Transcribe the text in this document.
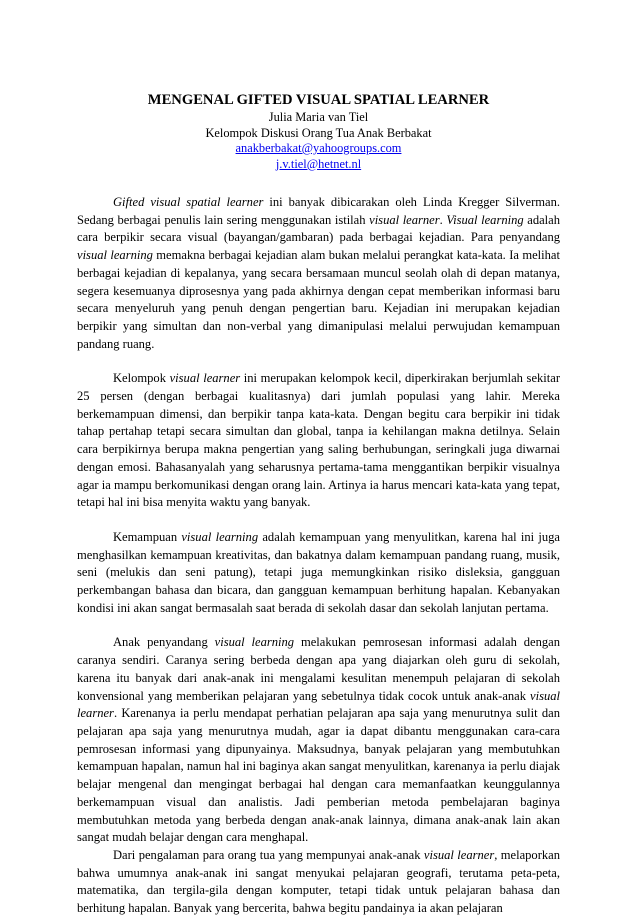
MENGENAL GIFTED VISUAL SPATIAL LEARNER
Julia Maria van Tiel
Kelompok Diskusi Orang Tua Anak Berbakat
anakberbakat@yahoogroups.com
j.v.tiel@hetnet.nl

Gifted visual spatial learner ini banyak dibicarakan oleh Linda Kregger Silverman. Sedang berbagai penulis lain sering menggunakan istilah visual learner. Visual learning adalah cara berpikir secara visual (bayangan/gambaran) pada berbagai kejadian. Para penyandang visual learning memakna berbagai kejadian alam bukan melalui perangkat kata-kata. Ia melihat berbagai kejadian di kepalanya, yang secara bersamaan muncul seolah olah di depan matanya, segera kesemuanya diprosesnya yang pada akhirnya dengan cepat memberikan informasi baru secara menyeluruh yang penuh dengan pengertian baru. Kejadian ini merupakan kejadian berpikir yang simultan dan non-verbal yang dimanipulasi melalui perwujudan kemampuan pandang ruang.

Kelompok visual learner ini merupakan kelompok kecil, diperkirakan berjumlah sekitar 25 persen (dengan berbagai kualitasnya) dari jumlah populasi yang lahir. Mereka berkemampuan dimensi, dan berpikir tanpa kata-kata. Dengan begitu cara berpikir ini tidak tahap pertahap tetapi secara simultan dan global, tanpa ia kehilangan makna detilnya. Selain cara berpikirnya berupa makna pengertian yang saling berhubungan, seringkali juga diwarnai dengan emosi. Bahasanyalah yang seharusnya pertama-tama menggantikan berpikir visualnya agar ia mampu berkomunikasi dengan orang lain. Artinya ia harus mencari kata-kata yang tepat, tetapi hal ini bisa menyita waktu yang banyak.

Kemampuan visual learning adalah kemampuan yang menyulitkan, karena hal ini juga menghasilkan kemampuan kreativitas, dan bakatnya dalam kemampuan pandang ruang, musik, seni (melukis dan seni patung), tetapi juga memungkinkan risiko disleksia, gangguan perkembangan bahasa dan bicara, dan gangguan kemampuan berhitung hapalan. Kebanyakan kondisi ini akan sangat bermasalah saat berada di sekolah dasar dan sekolah lanjutan pertama.

Anak penyandang visual learning melakukan pemrosesan informasi adalah dengan caranya sendiri. Caranya sering berbeda dengan apa yang diajarkan oleh guru di sekolah, karena itu banyak dari anak-anak ini mengalami kesulitan menempuh pelajaran di sekolah konvensional yang memberikan pelajaran yang sebetulnya tidak cocok untuk anak-anak visual learner. Karenanya ia perlu mendapat perhatian pelajaran apa saja yang menurutnya sulit dan pelajaran apa saja yang menurutnya mudah, agar ia dapat dibantu menggunakan cara-cara pemrosesan informasi yang dipunyainya. Maksudnya, banyak pelajaran yang membutuhkan kemampuan hapalan, namun hal ini baginya akan sangat menyulitkan, karenanya ia perlu diajak belajar mengenal dan mengingat berbagai hal dengan cara memanfaatkan keunggulannya berkemampuan visual dan analistis. Jadi pemberian metoda pembelajaran baginya membutuhkan metoda yang berbeda dengan anak-anak lainnya, dimana anak-anak lain akan sangat mudah belajar dengan cara menghapal.

Dari pengalaman para orang tua yang mempunyai anak-anak visual learner, melaporkan bahwa umumnya anak-anak ini sangat menyukai pelajaran geografi, terutama peta-peta, matematika, dan tergila-gila dengan komputer, tetapi tidak untuk pelajaran bahasa dan berhitung hapalan. Banyak yang bercerita, bahwa begitu pandainya ia akan pelajaran
